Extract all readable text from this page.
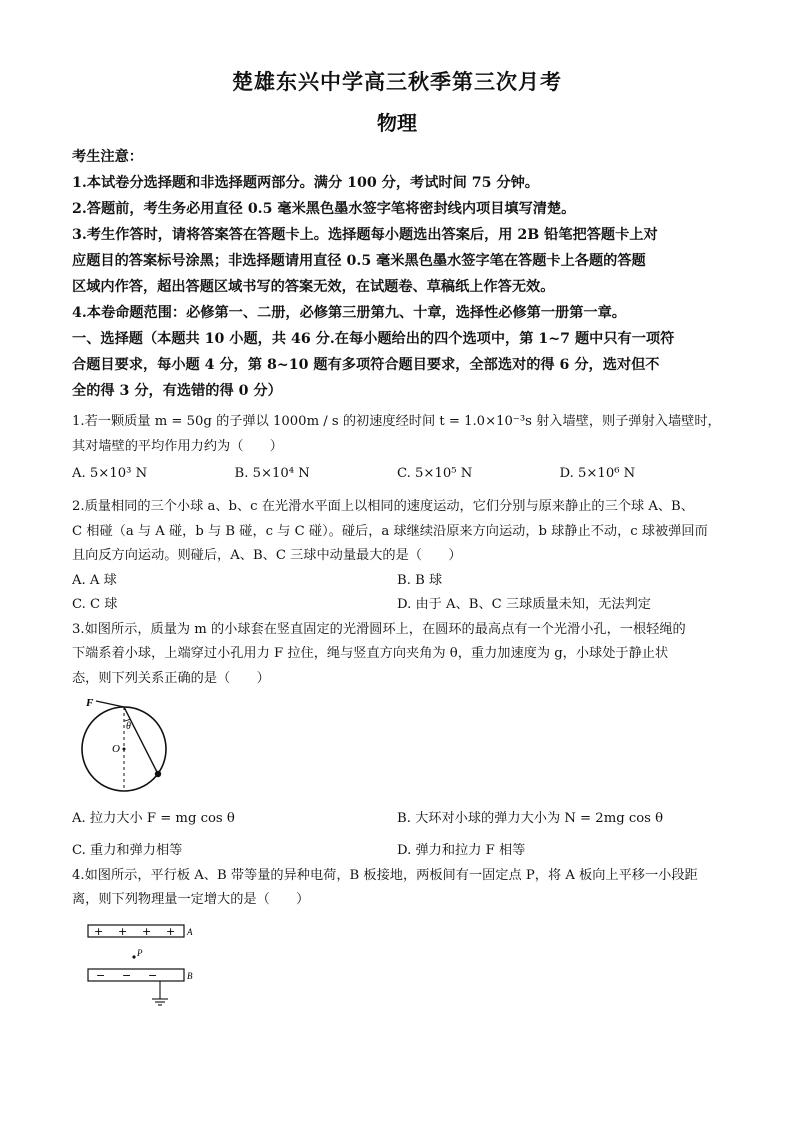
楚雄东兴中学高三秋季第三次月考

物理

考生注意：

1.本试卷分选择题和非选择题两部分。满分 100 分，考试时间 75 分钟。

2.答题前，考生务必用直径 0.5 毫米黑色墨水签字笔将密封线内项目填写清楚。

3.考生作答时，请将答案答在答题卡上。选择题每小题选出答案后，用 2B 铅笔把答题卡上对

应题目的答案标号涂黑；非选择题请用直径 0.5 毫米黑色墨水签字笔在答题卡上各题的答题

区域内作答，超出答题区域书写的答案无效，在试题卷、草稿纸上作答无效。

4.本卷命题范围：必修第一、二册，必修第三册第九、十章，选择性必修第一册第一章。

一、选择题（本题共 10 小题，共 46 分.在每小题给出的四个选项中，第 1~7 题中只有一项符

合题目要求，每小题 4 分，第 8~10 题有多项符合题目要求，全部选对的得 6 分，选对但不

全的得 3 分，有选错的得 0 分）

1.若一颗质量 m = 50g 的子弹以 1000m / s 的初速度经时间 t = 1.0×10⁻³s 射入墙壁，则子弹射入墙壁时，

其对墙壁的平均作用力约为（　　）

A. 5×10³ N	B. 5×10⁴ N	C. 5×10⁵ N	D. 5×10⁶ N

2.质量相同的三个小球 a、b、c 在光滑水平面上以相同的速度运动，它们分别与原来静止的三个球 A、B、

C 相碰（a 与 A 碰，b 与 B 碰，c 与 C 碰）。碰后，a 球继续沿原来方向运动，b 球静止不动，c 球被弹回而

且向反方向运动。则碰后，A、B、C 三球中动量最大的是（　　）

A. A 球	B. B 球
C. C 球	D. 由于 A、B、C 三球质量未知，无法判定

3.如图所示，质量为 m 的小球套在竖直固定的光滑圆环上，在圆环的最高点有一个光滑小孔，一根轻绳的

下端系着小球，上端穿过小孔用力 F 拉住，绳与竖直方向夹角为 θ，重力加速度为 g，小球处于静止状

态，则下列关系正确的是（　　）

F
θ
O
A. 拉力大小 F = mg cos θ	B. 大环对小球的弹力大小为 N = 2mg cos θ
C. 重力和弹力相等	D. 弹力和拉力 F 相等

4.如图所示，平行板 A、B 带等量的异种电荷，B 板接地，两板间有一固定点 P，将 A 板向上平移一小段距

离，则下列物理量一定增大的是（　　）

+ + + + A
P
− − −	B
